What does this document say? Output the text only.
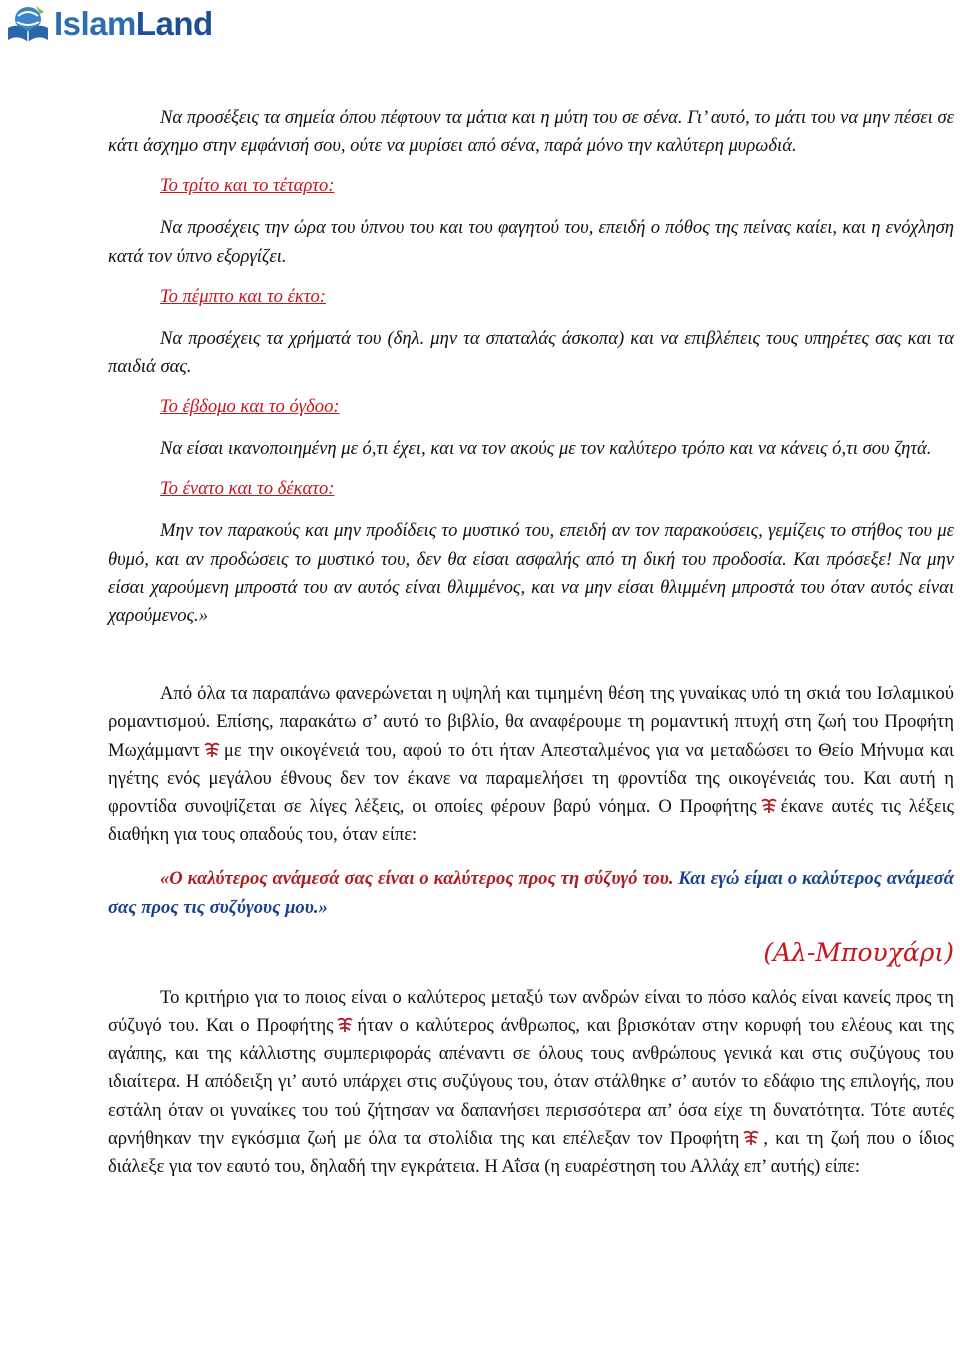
IslamLand

Να προσέξεις τα σημεία όπου πέφτουν τα μάτια και η μύτη του σε σένα. Γι’ αυτό, το μάτι του να μην πέσει σε κάτι άσχημο στην εμφάνισή σου, ούτε να μυρίσει από σένα, παρά μόνο την καλύτερη μυρωδιά.

Το τρίτο και το τέταρτο:

Να προσέχεις την ώρα του ύπνου του και του φαγητού του, επειδή ο πόθος της πείνας καίει, και η ενόχληση κατά τον ύπνο εξοργίζει.

Το πέμπτο και το έκτο:

Να προσέχεις τα χρήματά του (δηλ. μην τα σπαταλάς άσκοπα) και να επιβλέπεις τους υπηρέτες σας και τα παιδιά σας.

Το έβδομο και το όγδοο:

Να είσαι ικανοποιημένη με ό,τι έχει, και να τον ακούς με τον καλύτερο τρόπο και να κάνεις ό,τι σου ζητά.

Το ένατο και το δέκατο:

Μην τον παρακούς και μην προδίδεις το μυστικό του, επειδή αν τον παρακούσεις, γεμίζεις το στήθος του με θυμό, και αν προδώσεις το μυστικό του, δεν θα είσαι ασφαλής από τη δική του προδοσία. Και πρόσεξε! Να μην είσαι χαρούμενη μπροστά του αν αυτός είναι θλιμμένος, και να μην είσαι θλιμμένη μπροστά του όταν αυτός είναι χαρούμενος.»

Από όλα τα παραπάνω φανερώνεται η υψηλή και τιμημένη θέση της γυναίκας υπό τη σκιά του Ισλαμικού ρομαντισμού. Επίσης, παρακάτω σ’ αυτό το βιβλίο, θα αναφέρουμε τη ρομαντική πτυχή στη ζωή του Προφήτη Μωχάμμαντ με την οικογένειά του, αφού το ότι ήταν Απεσταλμένος για να μεταδώσει το Θείο Μήνυμα και ηγέτης ενός μεγάλου έθνους δεν τον έκανε να παραμελήσει τη φροντίδα της οικογένειάς του. Και αυτή η φροντίδα συνοψίζεται σε λίγες λέξεις, οι οποίες φέρουν βαρύ νόημα. Ο Προφήτης έκανε αυτές τις λέξεις διαθήκη για τους οπαδούς του, όταν είπε:

«Ο καλύτερος ανάμεσά σας είναι ο καλύτερος προς τη σύζυγό του. Και εγώ είμαι ο καλύτερος ανάμεσά σας προς τις συζύγους μου.»

(Αλ-Μπουχάρι)

Το κριτήριο για το ποιος είναι ο καλύτερος μεταξύ των ανδρών είναι το πόσο καλός είναι κανείς προς τη σύζυγό του. Και ο Προφήτης ήταν ο καλύτερος άνθρωπος, και βρισκόταν στην κορυφή του ελέους και της αγάπης, και της κάλλιστης συμπεριφοράς απέναντι σε όλους τους ανθρώπους γενικά και στις συζύγους του ιδιαίτερα. Η απόδειξη γι’ αυτό υπάρχει στις συζύγους του, όταν στάλθηκε σ’ αυτόν το εδάφιο της επιλογής, που εστάλη όταν οι γυναίκες του τού ζήτησαν να δαπανήσει περισσότερα απ’ όσα είχε τη δυνατότητα. Τότε αυτές αρνήθηκαν την εγκόσμια ζωή με όλα τα στολίδια της και επέλεξαν τον Προφήτη , και τη ζωή που ο ίδιος διάλεξε για τον εαυτό του, δηλαδή την εγκράτεια. Η Αΐσα (η ευαρέστηση του Αλλάχ επ’ αυτής) είπε:
